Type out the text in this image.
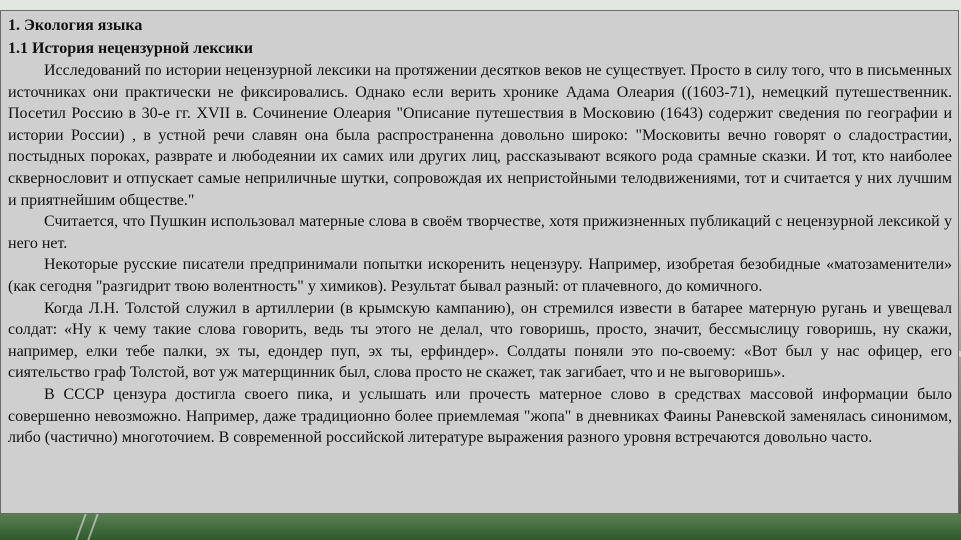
1. Экология языка

1.1 История нецензурной лексики

Исследований по истории нецензурной лексики на протяжении десятков веков не существует. Просто в силу того, что в письменных источниках они практически не фиксировались. Однако если верить хронике Адама Олеария ((1603-71), немецкий путешественник. Посетил Россию в 30-е гг. XVII в. Сочинение Олеария "Описание путешествия в Московию (1643) содержит сведения по географии и истории России) , в устной речи славян она была распространенна довольно широко: "Московиты вечно говорят о сладострастии, постыдных пороках, разврате и любодеянии их самих или других лиц, рассказывают всякого рода срамные сказки. И тот, кто наиболее сквернословит и отпускает самые неприличные шутки, сопровождая их непристойными телодвижениями, тот и считается у них лучшим и приятнейшим обществе."

Считается, что Пушкин использовал матерные слова в своём творчестве, хотя прижизненных публикаций с нецензурной лексикой у него нет.

Некоторые русские писатели предпринимали попытки искоренить нецензуру. Например, изобретая безобидные «матозаменители» (как сегодня "разгидрит твою волентность" у химиков). Результат бывал разный: от плачевного, до комичного.

Когда Л.Н. Толстой служил в артиллерии (в крымскую кампанию), он стремился извести в батарее матерную ругань и увещевал солдат: «Ну к чему такие слова говорить, ведь ты этого не делал, что говоришь, просто, значит, бессмыслицу говоришь, ну скажи, например, елки тебе палки, эх ты, едондер пуп, эх ты, ерфиндер». Солдаты поняли это по-своему: «Вот был у нас офицер, его сиятельство граф Толстой, вот уж матерщинник был, слова просто не скажет, так загибает, что и не выговоришь».

В СССР цензура достигла своего пика, и услышать или прочесть матерное слово в средствах массовой информации было совершенно невозможно. Например, даже традиционно более приемлемая "жопа" в дневниках Фаины Раневской заменялась синонимом, либо (частично) многоточием. В современной российской литературе выражения разного уровня встречаются довольно часто.
